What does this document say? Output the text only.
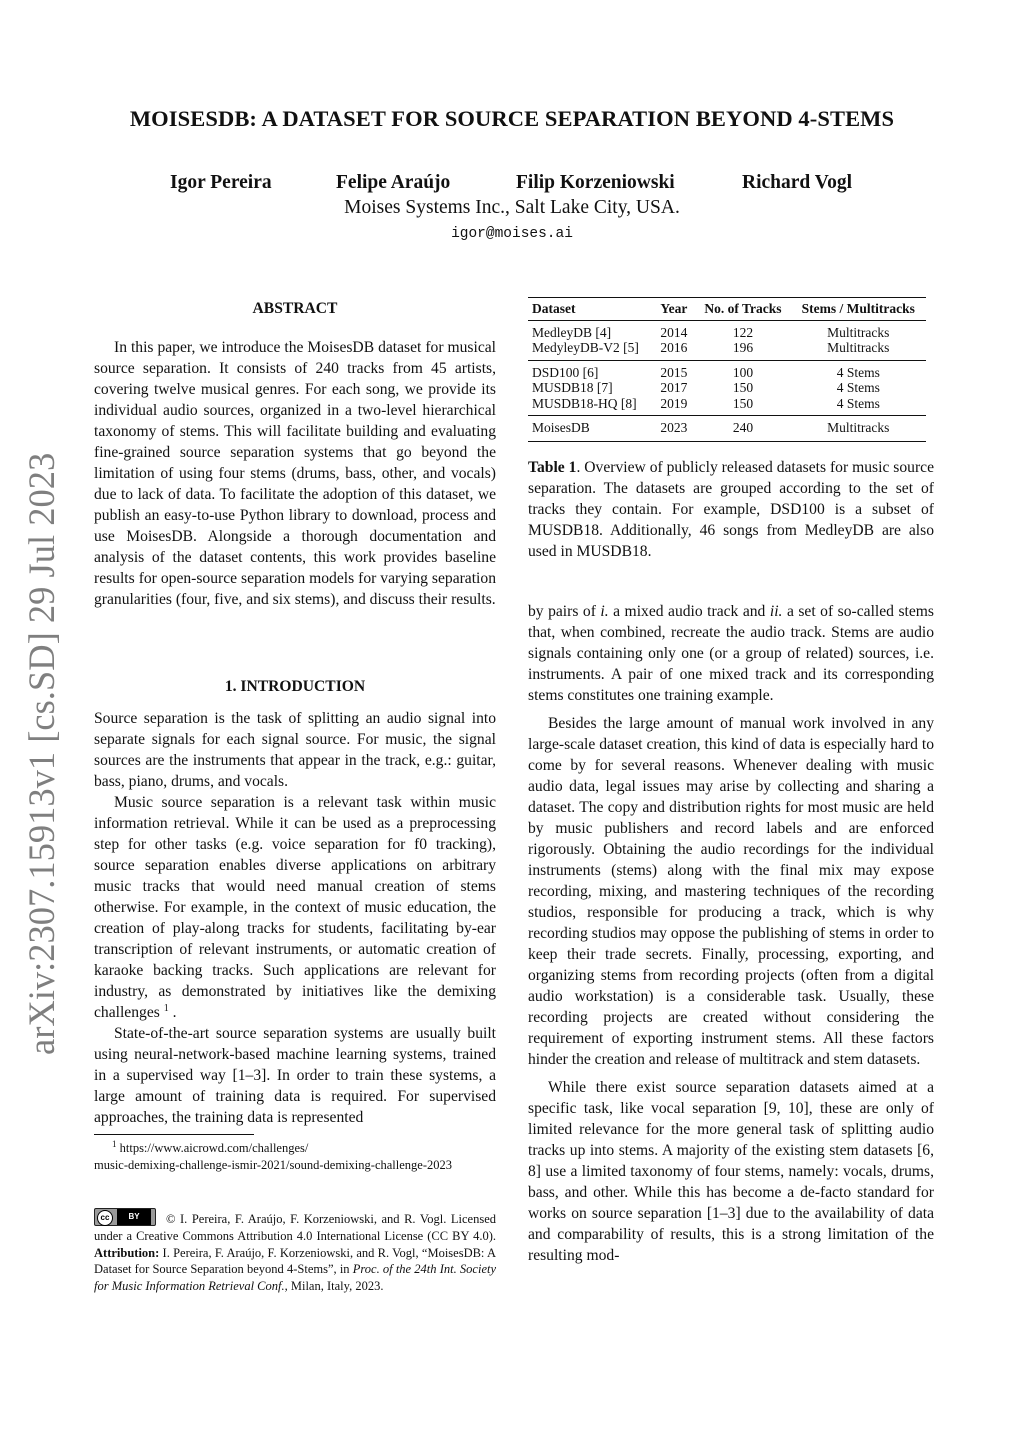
MOISESDB: A DATASET FOR SOURCE SEPARATION BEYOND 4-STEMS
Igor Pereira	Felipe Araújo	Filip Korzeniowski	Richard Vogl
Moises Systems Inc., Salt Lake City, USA.
igor@moises.ai
arXiv:2307.15913v1 [cs.SD] 29 Jul 2023
ABSTRACT

In this paper, we introduce the MoisesDB dataset for musical source separation. It consists of 240 tracks from 45 artists, covering twelve musical genres. For each song, we provide its individual audio sources, organized in a two-level hierarchical taxonomy of stems. This will facilitate building and evaluating fine-grained source separation systems that go beyond the limitation of using four stems (drums, bass, other, and vocals) due to lack of data. To facilitate the adoption of this dataset, we publish an easy-to-use Python library to download, process and use MoisesDB. Alongside a thorough documentation and analysis of the dataset contents, this work provides baseline results for open-source separation models for varying separation granularities (four, five, and six stems), and discuss their results.

1. INTRODUCTION

Source separation is the task of splitting an audio signal into separate signals for each signal source. For music, the signal sources are the instruments that appear in the track, e.g.: guitar, bass, piano, drums, and vocals.

Music source separation is a relevant task within music information retrieval. While it can be used as a preprocessing step for other tasks (e.g. voice separation for f0 tracking), source separation enables diverse applications on arbitrary music tracks that would need manual creation of stems otherwise. For example, in the context of music education, the creation of play-along tracks for students, facilitating by-ear transcription of relevant instruments, or automatic creation of karaoke backing tracks. Such applications are relevant for industry, as demonstrated by initiatives like the demixing challenges $^1$ .

State-of-the-art source separation systems are usually built using neural-network-based machine learning systems, trained in a supervised way [1–3]. In order to train these systems, a large amount of training data is required. For supervised approaches, the training data is represented

$^1$ https://www.aicrowd.com/challenges/
music-demixing-challenge-ismir-2021/sound-demixing-challenge-2023
cc	BY	© I. Pereira, F. Araújo, F. Korzeniowski, and R. Vogl. Licensed under a Creative Commons Attribution 4.0 International License (CC BY 4.0). Attribution: I. Pereira, F. Araújo, F. Korzeniowski, and R. Vogl, “MoisesDB: A Dataset for Source Separation beyond 4-Stems”, in Proc. of the 24th Int. Society for Music Information Retrieval Conf., Milan, Italy, 2023.
Dataset	Year	No. of Tracks	Stems / Multitracks
MedleyDB [4]	2014	122	Multitracks
MedyleyDB-V2 [5]	2016	196	Multitracks
DSD100 [6]	2015	100	4 Stems
MUSDB18 [7]	2017	150	4 Stems
MUSDB18-HQ [8]	2019	150	4 Stems
MoisesDB	2023	240	Multitracks
Table 1. Overview of publicly released datasets for music source separation. The datasets are grouped according to the set of tracks they contain. For example, DSD100 is a subset of MUSDB18. Additionally, 46 songs from MedleyDB are also used in MUSDB18.

by pairs of i. a mixed audio track and ii. a set of so-called stems that, when combined, recreate the audio track. Stems are audio signals containing only one (or a group of related) sources, i.e. instruments. A pair of one mixed track and its corresponding stems constitutes one training example.

Besides the large amount of manual work involved in any large-scale dataset creation, this kind of data is especially hard to come by for several reasons. Whenever dealing with music audio data, legal issues may arise by collecting and sharing a dataset. The copy and distribution rights for most music are held by music publishers and record labels and are enforced rigorously. Obtaining the audio recordings for the individual instruments (stems) along with the final mix may expose recording, mixing, and mastering techniques of the recording studios, responsible for producing a track, which is why recording studios may oppose the publishing of stems in order to keep their trade secrets. Finally, processing, exporting, and organizing stems from recording projects (often from a digital audio workstation) is a considerable task. Usually, these recording projects are created without considering the requirement of exporting instrument stems. All these factors hinder the creation and release of multitrack and stem datasets.

While there exist source separation datasets aimed at a specific task, like vocal separation [9, 10], these are only of limited relevance for the more general task of splitting audio tracks up into stems. A majority of the existing stem datasets [6, 8] use a limited taxonomy of four stems, namely: vocals, drums, bass, and other. While this has become a de-facto standard for works on source separation [1–3] due to the availability of data and comparability of results, this is a strong limitation of the resulting mod-
